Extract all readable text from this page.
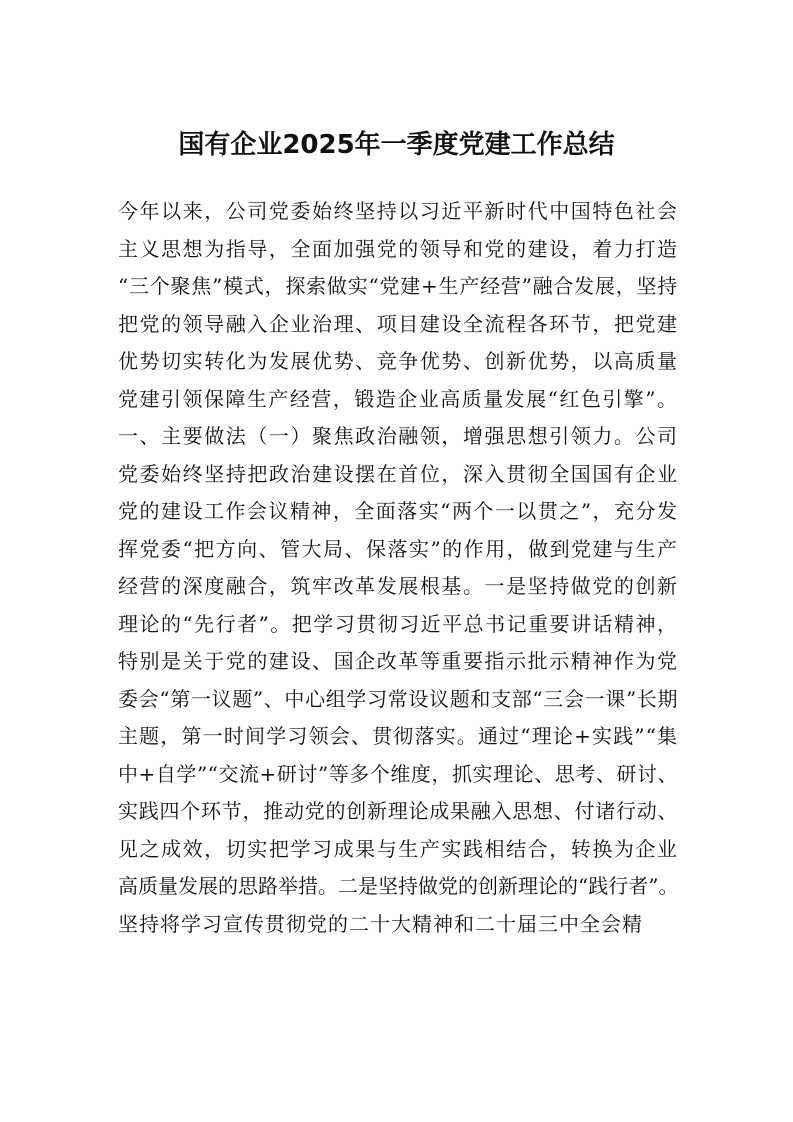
国有企业2025年一季度党建工作总结
今年以来，公司党委始终坚持以习近平新时代中国特色社会
主义思想为指导，全面加强党的领导和党的建设，着力打造
“三个聚焦”模式，探索做实“党建+生产经营”融合发展，坚持
把党的领导融入企业治理、项目建设全流程各环节，把党建
优势切实转化为发展优势、竞争优势、创新优势，以高质量
党建引领保障生产经营，锻造企业高质量发展“红色引擎”。
一、主要做法（一）聚焦政治融领，增强思想引领力。公司
党委始终坚持把政治建设摆在首位，深入贯彻全国国有企业
党的建设工作会议精神，全面落实“两个一以贯之”，充分发
挥党委“把方向、管大局、保落实”的作用，做到党建与生产
经营的深度融合，筑牢改革发展根基。一是坚持做党的创新
理论的“先行者”。把学习贯彻习近平总书记重要讲话精神，
特别是关于党的建设、国企改革等重要指示批示精神作为党
委会“第一议题”、中心组学习常设议题和支部“三会一课”长期
主题，第一时间学习领会、贯彻落实。通过“理论+实践”“集
中+自学”“交流+研讨”等多个维度，抓实理论、思考、研讨、
实践四个环节，推动党的创新理论成果融入思想、付诸行动、
见之成效，切实把学习成果与生产实践相结合，转换为企业
高质量发展的思路举措。二是坚持做党的创新理论的“践行者”。
坚持将学习宣传贯彻党的二十大精神和二十届三中全会精
